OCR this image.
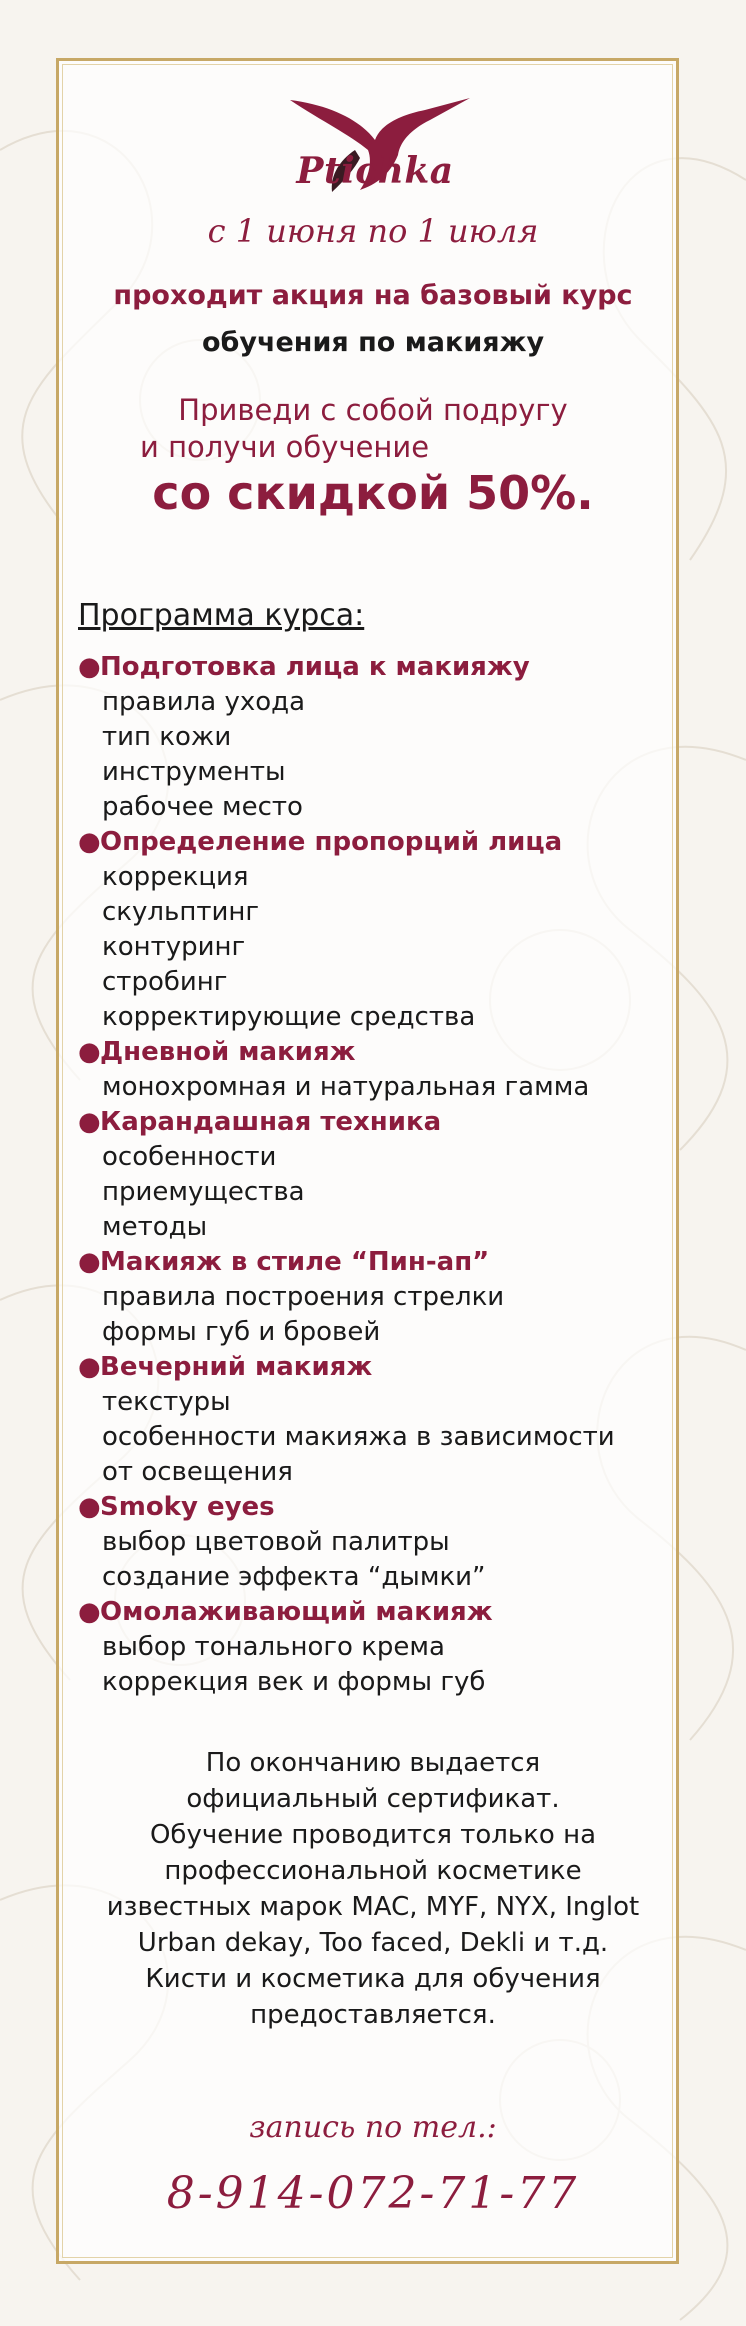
Ptichka
с 1 июня по 1 июля
проходит акция на базовый курс
обучения по макияжу
Приведи с собой подругу
и получи обучение
со скидкой 50%.
Программа курса:
●Подготовка лица к макияжу
правила ухода
тип кожи
инструменты
рабочее место
●Определение пропорций лица
коррекция
скульптинг
контуринг
стробинг
корректирующие средства
●Дневной макияж
монохромная и натуральная гамма
●Карандашная техника
особенности
приемущества
методы
●Макияж в стиле “Пин-ап”
правила построения стрелки
формы губ и бровей
●Вечерний макияж
текстуры
особенности макияжа в зависимости
от освещения
●Smoky eyes
выбор цветовой палитры
создание эффекта “дымки”
●Омолаживающий макияж
выбор тонального крема
коррекция век и формы губ
По окончанию выдается
официальный сертификат.
Обучение проводится только на
профессиональной косметике
известных марок MAC, MYF, NYX, Inglot
Urban dekay, Too faced, Dekli и т.д.
Кисти и косметика для обучения
предоставляется.
запись по тел.:
8-914-072-71-77
